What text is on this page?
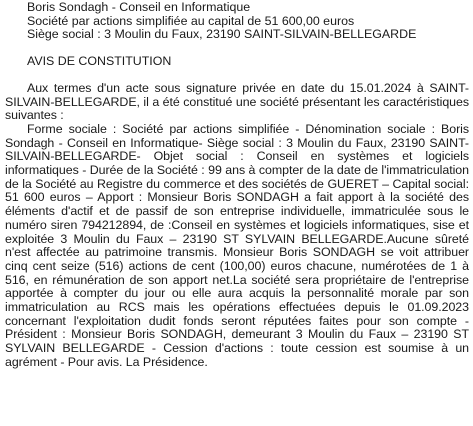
Boris Sondagh - Conseil en Informatique

Société par actions simplifiée au capital de 51 600,00 euros

Siège social : 3 Moulin du Faux, 23190 SAINT-SILVAIN-BELLEGARDE

AVIS DE CONSTITUTION

Aux termes d'un acte sous signature privée en date du 15.01.2024 à SAINT-SILVAIN-BELLEGARDE, il a été constitué une société présentant les caractéristiques suivantes :

Forme sociale : Société par actions simplifiée - Dénomination sociale : Boris Sondagh - Conseil en Informatique- Siège social : 3 Moulin du Faux, 23190 SAINT-SILVAIN-BELLEGARDE- Objet social : Conseil en systèmes et logiciels informatiques - Durée de la Société : 99 ans à compter de la date de l'immatriculation de la Société au Registre du commerce et des sociétés de GUERET – Capital social: 51 600 euros – Apport : Monsieur Boris SONDAGH a fait apport à la société des éléments d'actif et de passif de son entreprise individuelle, immatriculée sous le numéro siren 794212894, de :Conseil en systèmes et logiciels informatiques, sise et exploitée 3 Moulin du Faux – 23190 ST SYLVAIN BELLEGARDE.Aucune sûreté n'est affectée au patrimoine transmis. Monsieur Boris SONDAGH se voit attribuer cinq cent seize (516) actions de cent (100,00) euros chacune, numérotées de 1 à 516, en rémunération de son apport net.La société sera propriétaire de l'entreprise apportée à compter du jour ou elle aura acquis la personnalité morale par son immatriculation au RCS mais les opérations effectuées depuis le 01.09.2023 concernant l'exploitation dudit fonds seront réputées faites pour son compte - Président : Monsieur Boris SONDAGH, demeurant 3 Moulin du Faux – 23190 ST SYLVAIN BELLEGARDE - Cession d'actions : toute cession est soumise à un agrément - Pour avis. La Présidence.
